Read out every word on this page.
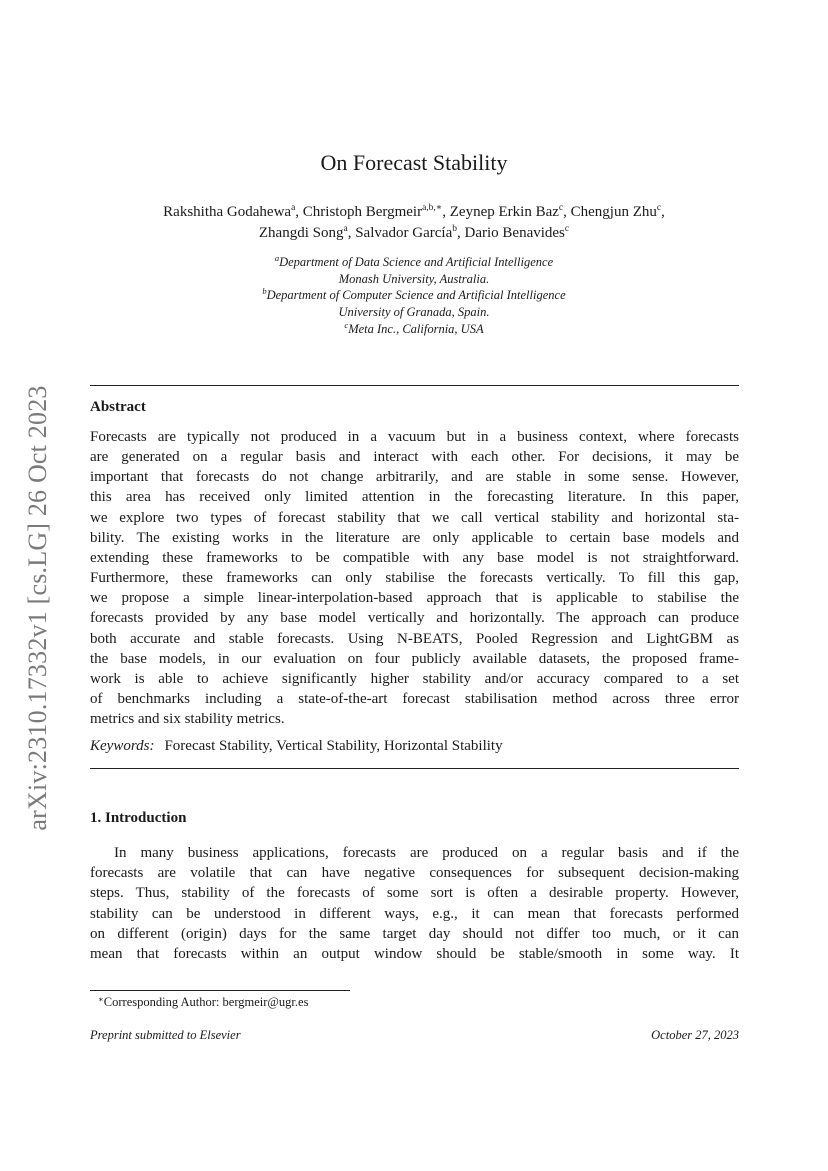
arXiv:2310.17332v1 [cs.LG] 26 Oct 2023
On Forecast Stability
Rakshitha Godahewa$^a$, Christoph Bergmeir$^{a,b,∗}$, Zeynep Erkin Baz$^c$, Chengjun Zhu$^c$,
Zhangdi Song$^a$, Salvador García$^b$, Dario Benavides$^c$
$^a$Department of Data Science and Artificial Intelligence
Monash University, Australia.
$^b$Department of Computer Science and Artificial Intelligence
University of Granada, Spain.
$^c$Meta Inc., California, USA
Abstract
Forecasts are typically not produced in a vacuum but in a business context, where forecasts
are generated on a regular basis and interact with each other. For decisions, it may be
important that forecasts do not change arbitrarily, and are stable in some sense. However,
this area has received only limited attention in the forecasting literature. In this paper,
we explore two types of forecast stability that we call vertical stability and horizontal sta-
bility. The existing works in the literature are only applicable to certain base models and
extending these frameworks to be compatible with any base model is not straightforward.
Furthermore, these frameworks can only stabilise the forecasts vertically. To fill this gap,
we propose a simple linear-interpolation-based approach that is applicable to stabilise the
forecasts provided by any base model vertically and horizontally. The approach can produce
both accurate and stable forecasts. Using N-BEATS, Pooled Regression and LightGBM as
the base models, in our evaluation on four publicly available datasets, the proposed frame-
work is able to achieve significantly higher stability and/or accuracy compared to a set
of benchmarks including a state-of-the-art forecast stabilisation method across three error
metrics and six stability metrics.
Keywords: Forecast Stability, Vertical Stability, Horizontal Stability
1. Introduction
In many business applications, forecasts are produced on a regular basis and if the
forecasts are volatile that can have negative consequences for subsequent decision-making
steps. Thus, stability of the forecasts of some sort is often a desirable property. However,
stability can be understood in different ways, e.g., it can mean that forecasts performed
on different (origin) days for the same target day should not differ too much, or it can
mean that forecasts within an output window should be stable/smooth in some way. It
∗Corresponding Author: bergmeir@ugr.es
Preprint submitted to Elsevier	October 27, 2023
